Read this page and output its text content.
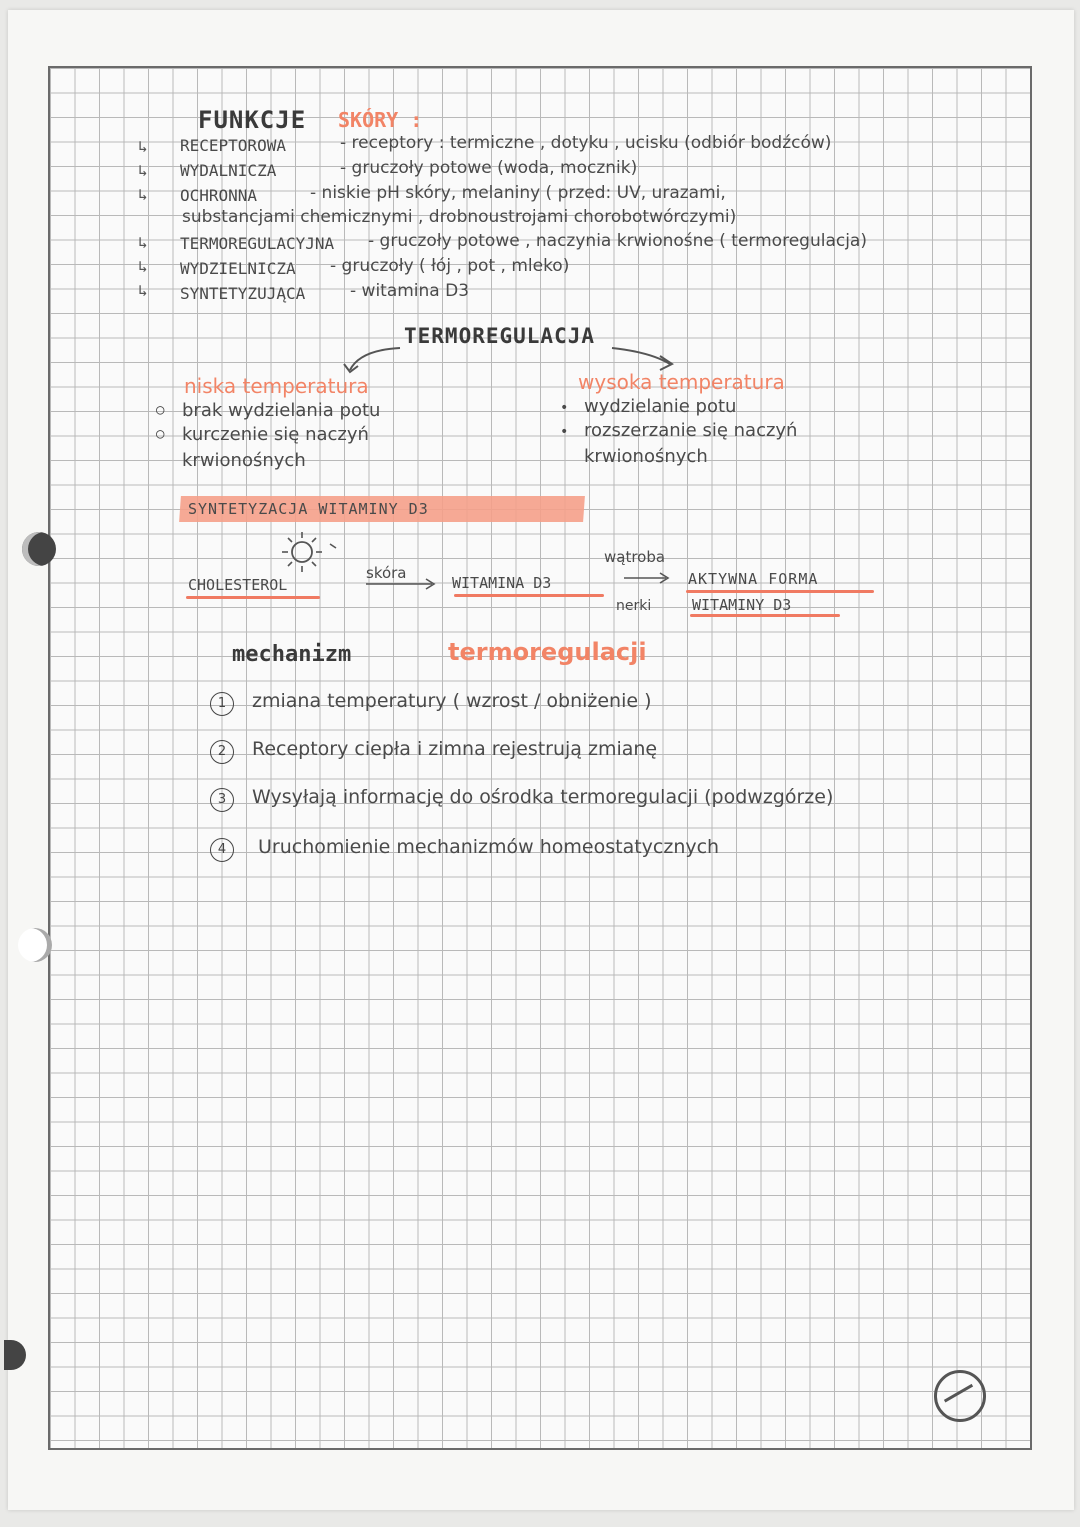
FUNKCJE SKÓRY :
↳
↳
↳
↳
↳
↳
RECEPTOROWA	- receptory : termiczne , dotyku , ucisku (odbiór bodźców)
WYDALNICZA	- gruczoły potowe (woda, mocznik)
OCHRONNA	- niskie pH skóry, melaniny ( przed: UV, urazami,
substancjami chemicznymi , drobnoustrojami chorobotwórczymi)
TERMOREGULACYJNA - gruczoły potowe , naczynia krwionośne ( termoregulacja)
WYDZIELNICZA - gruczoły ( łój , pot , mleko)
SYNTETYZUJĄCA	- witamina D3
TERMOREGULACJA
niska temperatura
○
○
brak wydzielania potu
kurczenie się naczyń
krwionośnych
wysoka temperatura
•
•
wydzielanie potu
rozszerzanie się naczyń
krwionośnych
SYNTETYZACJA WITAMINY D3
CHOLESTEROL
skóra
WITAMINA D3
wątroba
nerki
AKTYWNA FORMA
WITAMINY D3
mechanizm	termoregulacji
1	zmiana temperatury ( wzrost / obniżenie )
2	Receptory ciepła i zimna rejestrują zmianę
3	Wysyłają informację do ośrodka termoregulacji (podwzgórze)
4	Uruchomienie mechanizmów homeostatycznych
